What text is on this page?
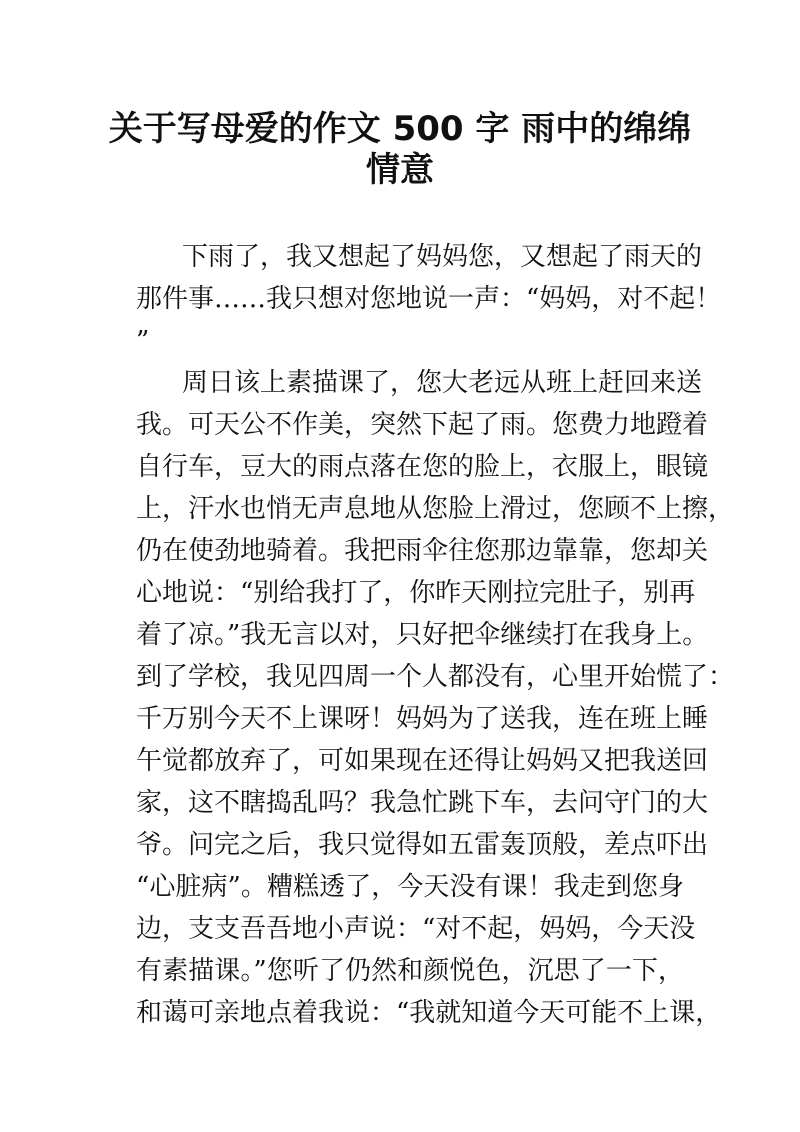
关于写母爱的作文 500 字 雨中的绵绵
情意
下雨了，我又想起了妈妈您，又想起了雨天的
那件事……我只想对您地说一声：“妈妈，对不起！
”
周日该上素描课了，您大老远从班上赶回来送
我。可天公不作美，突然下起了雨。您费力地蹬着
自行车，豆大的雨点落在您的脸上，衣服上，眼镜
上，汗水也悄无声息地从您脸上滑过，您顾不上擦，
仍在使劲地骑着。我把雨伞往您那边靠靠，您却关
心地说：“别给我打了，你昨天刚拉完肚子，别再
着了凉。”我无言以对，只好把伞继续打在我身上。
到了学校，我见四周一个人都没有，心里开始慌了：
千万别今天不上课呀！妈妈为了送我，连在班上睡
午觉都放弃了，可如果现在还得让妈妈又把我送回
家，这不瞎捣乱吗？我急忙跳下车，去问守门的大
爷。问完之后，我只觉得如五雷轰顶般，差点吓出
“心脏病”。糟糕透了，今天没有课！我走到您身
边，支支吾吾地小声说：“对不起，妈妈，今天没
有素描课。”您听了仍然和颜悦色，沉思了一下，
和蔼可亲地点着我说：“我就知道今天可能不上课，
